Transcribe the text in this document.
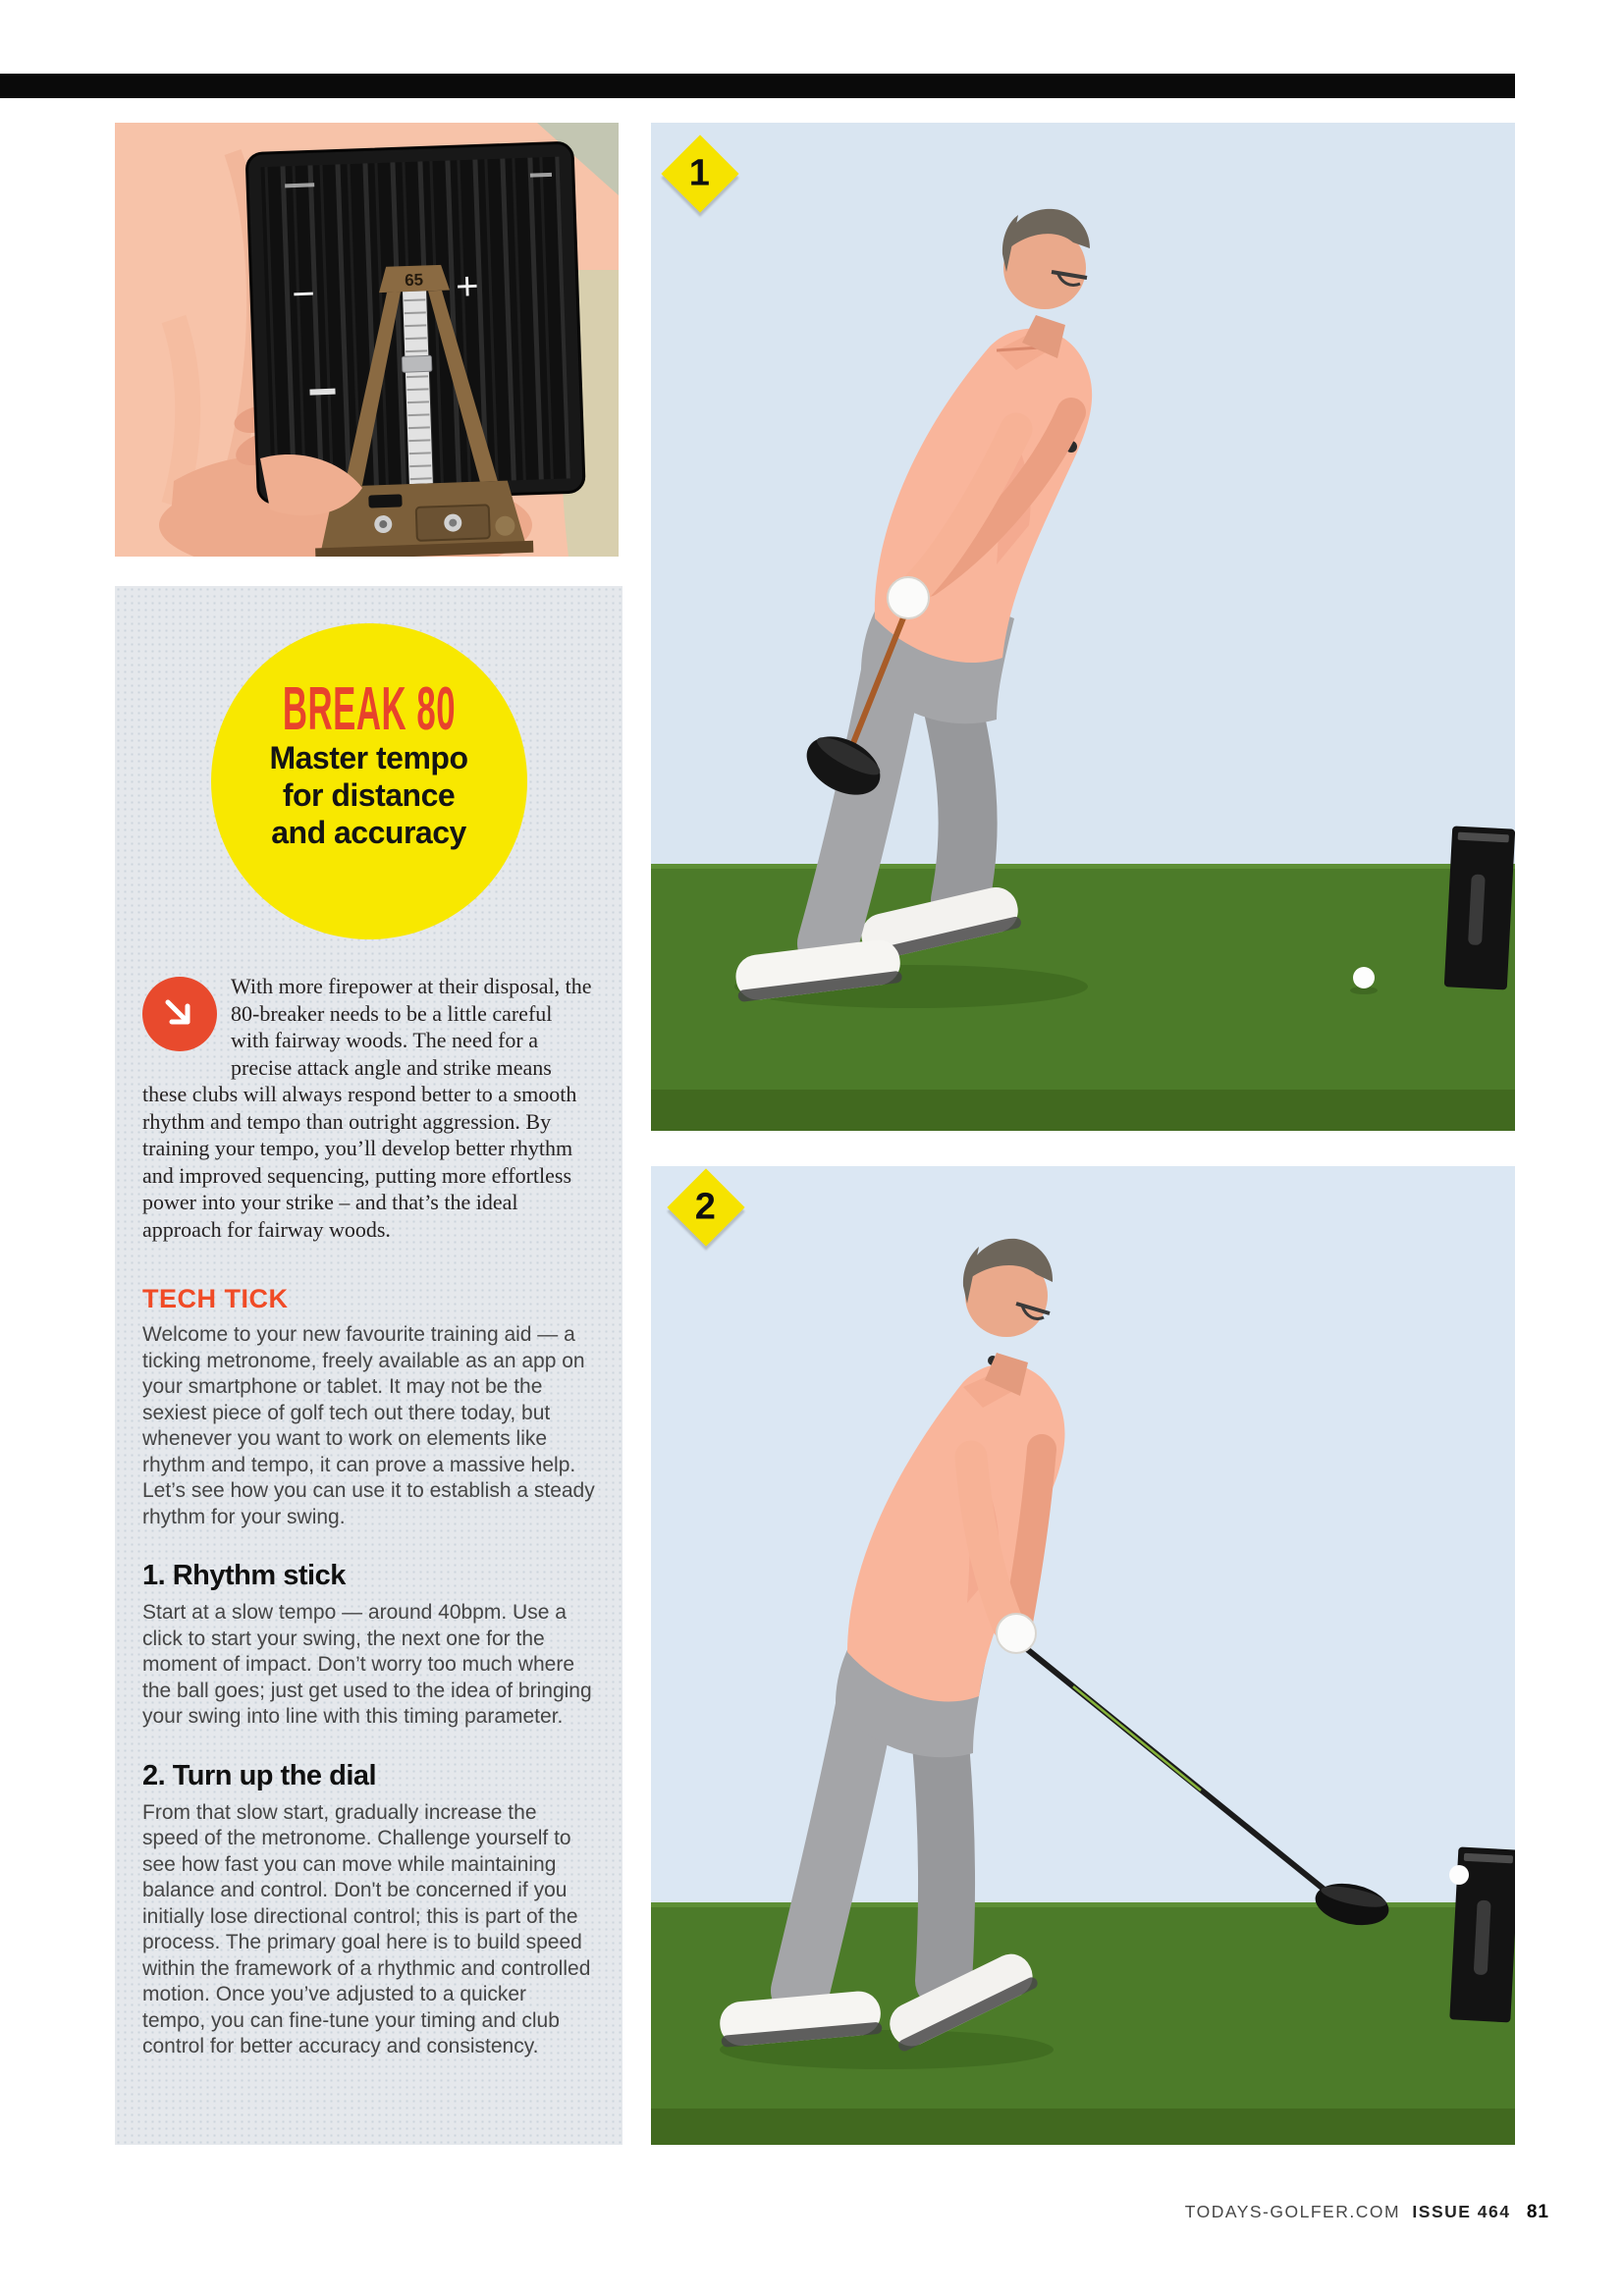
−	+
65
BREAK 80
Master tempo
for distance
and accuracy
With more firepower at their disposal, the 80-breaker needs to be a little careful with fairway woods. The need for a precise attack angle and strike means these clubs will always respond better to a smooth rhythm and tempo than outright aggression. By training your tempo, you’ll develop better rhythm and improved sequencing, putting more effortless power into your strike – and that’s the ideal approach for fairway woods.
TECH TICK
Welcome to your new favourite training aid — a ticking metronome, freely available as an app on your smartphone or tablet. It may not be the sexiest piece of golf tech out there today, but whenever you want to work on elements like rhythm and tempo, it can prove a massive help. Let’s see how you can use it to establish a steady rhythm for your swing.
1. Rhythm stick
Start at a slow tempo — around 40bpm. Use a click to start your swing, the next one for the moment of impact. Don’t worry too much where the ball goes; just get used to the idea of bringing your swing into line with this timing parameter.
2. Turn up the dial
From that slow start, gradually increase the speed of the metronome. Challenge yourself to see how fast you can move while maintaining balance and control. Don't be concerned if you initially lose directional control; this is part of the process. The primary goal here is to build speed within the framework of a rhythmic and controlled motion. Once you’ve adjusted to a quicker tempo, you can fine-tune your timing and club control for better accuracy and consistency.
1
2
TODAYS-GOLFER.COM ISSUE 464 81
